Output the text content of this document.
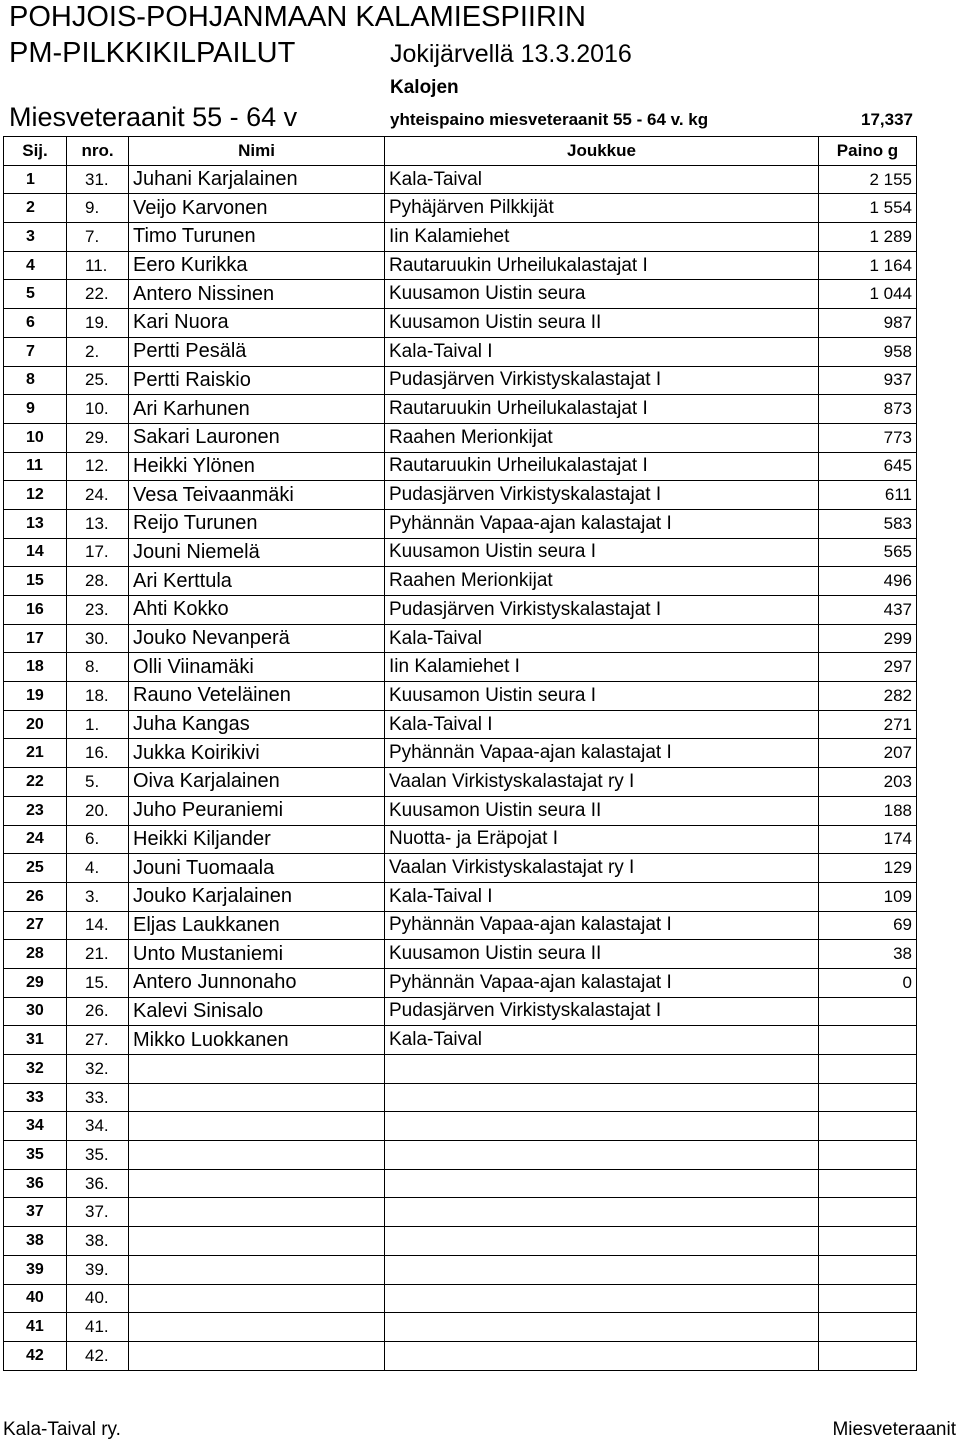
POHJOIS-POHJANMAAN KALAMIESPIIRIN
PM-PILKKIKILPAILUT	Jokijärvellä 13.3.2016
Kalojen
Miesveteraanit 55 - 64 v	yhteispaino miesveteraanit 55 - 64 v. kg	17,337
Sij.	nro.	Nimi	Joukkue	Paino g
1	31.	Juhani Karjalainen	Kala-Taival	2 155
2	9.	Veijo Karvonen	Pyhäjärven Pilkkijät	1 554
3	7.	Timo Turunen	Iin Kalamiehet	1 289
4	11.	Eero Kurikka	Rautaruukin Urheilukalastajat I	1 164
5	22.	Antero Nissinen	Kuusamon Uistin seura	1 044
6	19.	Kari Nuora	Kuusamon Uistin seura II	987
7	2.	Pertti Pesälä	Kala-Taival I	958
8	25.	Pertti Raiskio	Pudasjärven Virkistyskalastajat I	937
9	10.	Ari Karhunen	Rautaruukin Urheilukalastajat I	873
10	29.	Sakari Lauronen	Raahen Merionkijat	773
11	12.	Heikki Ylönen	Rautaruukin Urheilukalastajat I	645
12	24.	Vesa Teivaanmäki	Pudasjärven Virkistyskalastajat I	611
13	13.	Reijo Turunen	Pyhännän Vapaa-ajan kalastajat I	583
14	17.	Jouni Niemelä	Kuusamon Uistin seura I	565
15	28.	Ari Kerttula	Raahen Merionkijat	496
16	23.	Ahti Kokko	Pudasjärven Virkistyskalastajat I	437
17	30.	Jouko Nevanperä	Kala-Taival	299
18	8.	Olli Viinamäki	Iin Kalamiehet I	297
19	18.	Rauno Veteläinen	Kuusamon Uistin seura I	282
20	1.	Juha Kangas	Kala-Taival I	271
21	16.	Jukka Koirikivi	Pyhännän Vapaa-ajan kalastajat I	207
22	5.	Oiva Karjalainen	Vaalan Virkistyskalastajat ry I	203
23	20.	Juho Peuraniemi	Kuusamon Uistin seura II	188
24	6.	Heikki Kiljander	Nuotta- ja Eräpojat I	174
25	4.	Jouni Tuomaala	Vaalan Virkistyskalastajat ry I	129
26	3.	Jouko Karjalainen	Kala-Taival I	109
27	14.	Eljas Laukkanen	Pyhännän Vapaa-ajan kalastajat I	69
28	21.	Unto Mustaniemi	Kuusamon Uistin seura II	38
29	15.	Antero Junnonaho	Pyhännän Vapaa-ajan kalastajat I	0
30	26.	Kalevi Sinisalo	Pudasjärven Virkistyskalastajat I	
31	27.	Mikko Luokkanen	Kala-Taival	
32	32.			
33	33.			
34	34.			
35	35.			
36	36.			
37	37.			
38	38.			
39	39.			
40	40.			
41	41.			
42	42.			
Kala-Taival ry.	Miesveteraanit
